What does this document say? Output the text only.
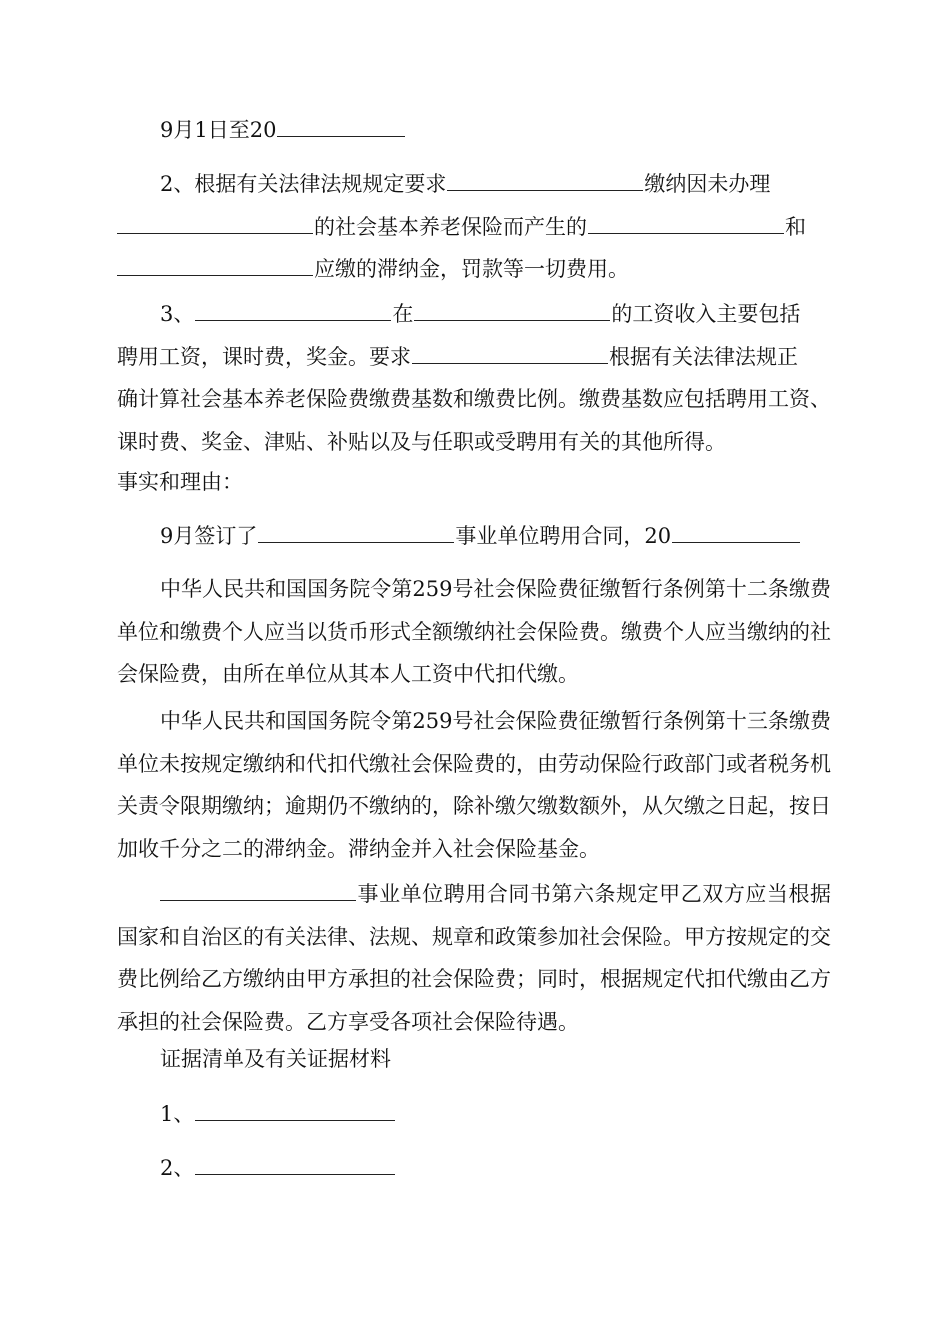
9月1日至20

2、根据有关法律法规规定要求	缴纳因未办理
的社会基本养老保险而产生的	和
应缴的滞纳金，罚款等一切费用。

3、	在	的工资收入主要包括
聘用工资，课时费，奖金。要求	根据有关法律法规正
确计算社会基本养老保险费缴费基数和缴费比例。缴费基数应包括聘用工资、课时费、奖金、津贴、补贴以及与任职或受聘用有关的其他所得。

事实和理由：

9月签订了	事业单位聘用合同，20

中华人民共和国国务院令第259号社会保险费征缴暂行条例第十二条缴费单位和缴费个人应当以货币形式全额缴纳社会保险费。缴费个人应当缴纳的社会保险费，由所在单位从其本人工资中代扣代缴。

中华人民共和国国务院令第259号社会保险费征缴暂行条例第十三条缴费单位未按规定缴纳和代扣代缴社会保险费的，由劳动保险行政部门或者税务机关责令限期缴纳；逾期仍不缴纳的，除补缴欠缴数额外，从欠缴之日起，按日加收千分之二的滞纳金。滞纳金并入社会保险基金。

事业单位聘用合同书第六条规定甲乙双方应当根据国家和自治区的有关法律、法规、规章和政策参加社会保险。甲方按规定的交费比例给乙方缴纳由甲方承担的社会保险费；同时，根据规定代扣代缴由乙方承担的社会保险费。乙方享受各项社会保险待遇。

证据清单及有关证据材料

1、

2、
